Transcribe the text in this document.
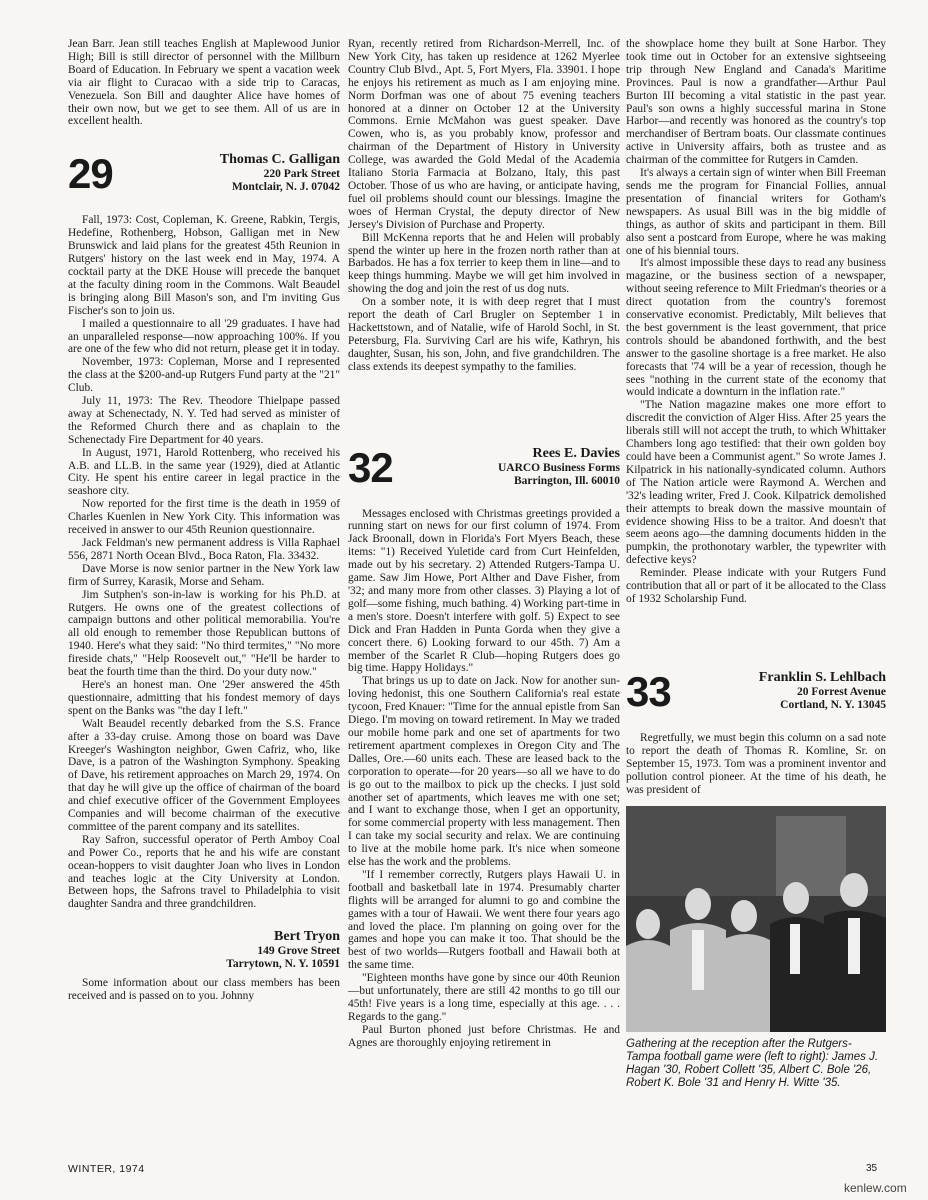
Jean Barr. Jean still teaches English at Maplewood Junior High; Bill is still director of personnel with the Millburn Board of Education. In February we spent a vacation week via air flight to Curacao with a side trip to Caracas, Venezuela. Son Bill and daughter Alice have homes of their own now, but we get to see them. All of us are in excellent health.

29	Thomas C. Galligan
220 Park Street
Montclair, N. J. 07042

Fall, 1973: Cost, Copleman, K. Greene, Rabkin, Tergis, Hedefine, Rothenberg, Hobson, Galligan met in New Brunswick and laid plans for the greatest 45th Reunion in Rutgers' history on the last week end in May, 1974. A cocktail party at the DKE House will precede the banquet at the faculty dining room in the Commons. Walt Beaudel is bringing along Bill Mason's son, and I'm inviting Gus Fischer's son to join us.

I mailed a questionnaire to all '29 graduates. I have had an unparalleled response—now approaching 100%. If you are one of the few who did not return, please get it in today.

November, 1973: Copleman, Morse and I represented the class at the $200-and-up Rutgers Fund party at the "21" Club.

July 11, 1973: The Rev. Theodore Thielpape passed away at Schenectady, N. Y. Ted had served as minister of the Reformed Church there and as chaplain to the Schenectady Fire Department for 40 years.

In August, 1971, Harold Rottenberg, who received his A.B. and LL.B. in the same year (1929), died at Atlantic City. He spent his entire career in legal practice in the seashore city.

Now reported for the first time is the death in 1959 of Charles Kuenlen in New York City. This information was received in answer to our 45th Reunion questionnaire.

Jack Feldman's new permanent address is Villa Raphael 556, 2871 North Ocean Blvd., Boca Raton, Fla. 33432.

Dave Morse is now senior partner in the New York law firm of Surrey, Karasik, Morse and Seham.

Jim Sutphen's son-in-law is working for his Ph.D. at Rutgers. He owns one of the greatest collections of campaign buttons and other political memorabilia. You're all old enough to remember those Republican buttons of 1940. Here's what they said: "No third termites," "No more fireside chats," "Help Roosevelt out," "He'll be harder to beat the fourth time than the third. Do your duty now."

Here's an honest man. One '29er answered the 45th questionnaire, admitting that his fondest memory of days spent on the Banks was "the day I left."

Walt Beaudel recently debarked from the S.S. France after a 33-day cruise. Among those on board was Dave Kreeger's Washington neighbor, Gwen Cafriz, who, like Dave, is a patron of the Washington Symphony. Speaking of Dave, his retirement approaches on March 29, 1974. On that day he will give up the office of chairman of the board and chief executive officer of the Government Employees Companies and will become chairman of the executive committee of the parent company and its satellites.

Ray Safron, successful operator of Perth Amboy Coal and Power Co., reports that he and his wife are constant ocean-hoppers to visit daughter Joan who lives in London and teaches logic at the City University at London. Between hops, the Safrons travel to Philadelphia to visit daughter Sandra and three grandchildren.

Bert Tryon
149 Grove Street
Tarrytown, N. Y. 10591

Some information about our class members has been received and is passed on to you. Johnny

Ryan, recently retired from Richardson-Merrell, Inc. of New York City, has taken up residence at 1262 Myerlee Country Club Blvd., Apt. 5, Fort Myers, Fla. 33901. I hope he enjoys his retirement as much as I am enjoying mine. Norm Dorfman was one of about 75 evening teachers honored at a dinner on October 12 at the University Commons. Ernie McMahon was guest speaker. Dave Cowen, who is, as you probably know, professor and chairman of the Department of History in University College, was awarded the Gold Medal of the Academia Italiano Storia Farmacia at Bolzano, Italy, this past October. Those of us who are having, or anticipate having, fuel oil problems should count our blessings. Imagine the woes of Herman Crystal, the deputy director of New Jersey's Division of Purchase and Property.

Bill McKenna reports that he and Helen will probably spend the winter up here in the frozen north rather than at Barbados. He has a fox terrier to keep them in line—and to keep things humming. Maybe we will get him involved in showing the dog and join the rest of us dog nuts.

On a somber note, it is with deep regret that I must report the death of Carl Brugler on September 1 in Hackettstown, and of Natalie, wife of Harold Sochl, in St. Petersburg, Fla. Surviving Carl are his wife, Kathryn, his daughter, Susan, his son, John, and five grandchildren. The class extends its deepest sympathy to the families.

32	Rees E. Davies
UARCO Business Forms
Barrington, Ill. 60010

Messages enclosed with Christmas greetings provided a running start on news for our first column of 1974. From Jack Broonall, down in Florida's Fort Myers Beach, these items: "1) Received Yuletide card from Curt Heinfelden, made out by his secretary. 2) Attended Rutgers-Tampa U. game. Saw Jim Howe, Port Alther and Dave Fisher, from '32; and many more from other classes. 3) Playing a lot of golf—some fishing, much bathing. 4) Working part-time in a men's store. Doesn't interfere with golf. 5) Expect to see Dick and Fran Hadden in Punta Gorda when they give a concert there. 6) Looking forward to our 45th. 7) Am a member of the Scarlet R Club—hoping Rutgers does go big time. Happy Holidays."

That brings us up to date on Jack. Now for another sun-loving hedonist, this one Southern California's real estate tycoon, Fred Knauer: "Time for the annual epistle from San Diego. I'm moving on toward retirement. In May we traded our mobile home park and one set of apartments for two retirement apartment complexes in Oregon City and The Dalles, Ore.—60 units each. These are leased back to the corporation to operate—for 20 years—so all we have to do is go out to the mailbox to pick up the checks. I just sold another set of apartments, which leaves me with one set; and I want to exchange those, when I get an opportunity, for some commercial property with less management. Then I can take my social security and relax. We are continuing to live at the mobile home park. It's nice when someone else has the work and the problems.

"If I remember correctly, Rutgers plays Hawaii U. in football and basketball late in 1974. Presumably charter flights will be arranged for alumni to go and combine the games with a tour of Hawaii. We went there four years ago and loved the place. I'm planning on going over for the games and hope you can make it too. That should be the best of two worlds—Rutgers football and Hawaii both at the same time.

"Eighteen months have gone by since our 40th Reunion—but unfortunately, there are still 42 months to go till our 45th! Five years is a long time, especially at this age. . . . Regards to the gang."

Paul Burton phoned just before Christmas. He and Agnes are thoroughly enjoying retirement in

the showplace home they built at Sone Harbor. They took time out in October for an extensive sightseeing trip through New England and Canada's Maritime Provinces. Paul is now a grandfather—Arthur Paul Burton III becoming a vital statistic in the past year. Paul's son owns a highly successful marina in Stone Harbor—and recently was honored as the country's top merchandiser of Bertram boats. Our classmate continues active in University affairs, both as trustee and as chairman of the committee for Rutgers in Camden.

It's always a certain sign of winter when Bill Freeman sends me the program for Financial Follies, annual presentation of financial writers for Gotham's newspapers. As usual Bill was in the big middle of things, as author of skits and participant in them. Bill also sent a postcard from Europe, where he was making one of his biennial tours.

It's almost impossible these days to read any business magazine, or the business section of a newspaper, without seeing reference to Milt Friedman's theories or a direct quotation from the country's foremost conservative economist. Predictably, Milt believes that the best government is the least government, that price controls should be abandoned forthwith, and the best answer to the gasoline shortage is a free market. He also forecasts that '74 will be a year of recession, though he sees "nothing in the current state of the economy that would indicate a downturn in the inflation rate."

"The Nation magazine makes one more effort to discredit the conviction of Alger Hiss. After 25 years the liberals still will not accept the truth, to which Whittaker Chambers long ago testified: that their own golden boy could have been a Communist agent." So wrote James J. Kilpatrick in his nationally-syndicated column. Authors of The Nation article were Raymond A. Werchen and '32's leading writer, Fred J. Cook. Kilpatrick demolished their attempts to break down the massive mountain of evidence showing Hiss to be a traitor. And doesn't that seem aeons ago—the damning documents hidden in the pumpkin, the prothonotary warbler, the typewriter with defective keys?

Reminder. Please indicate with your Rutgers Fund contribution that all or part of it be allocated to the Class of 1932 Scholarship Fund.

33	Franklin S. Lehlbach
20 Forrest Avenue
Cortland, N. Y. 13045

Regretfully, we must begin this column on a sad note to report the death of Thomas R. Komline, Sr. on September 15, 1973. Tom was a prominent inventor and pollution control pioneer. At the time of his death, he was president of

Gathering at the reception after the Rutgers-Tampa football game were (left to right): James J. Hagan '30, Robert Collett '35, Albert C. Bole '26, Robert K. Bole '31 and Henry H. Witte '35.
WINTER, 1974	35
kenlew.com
